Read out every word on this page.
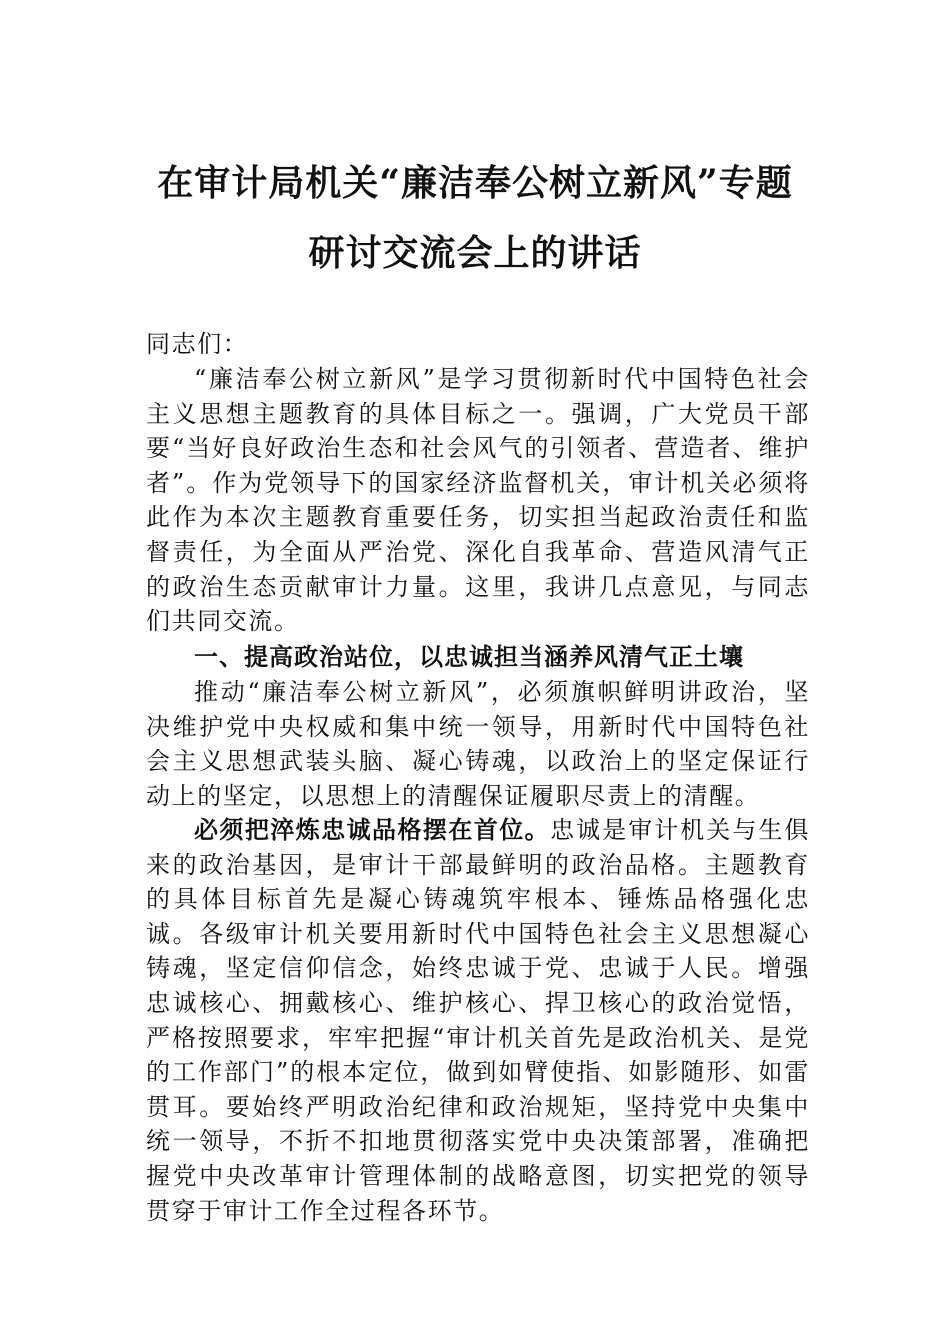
在审计局机关“廉洁奉公树立新风”专题
研讨交流会上的讲话
同志们：
“廉洁奉公树立新风”是学习贯彻新时代中国特色社会主义思想主题教育的具体目标之一。强调，广大党员干部要“当好良好政治生态和社会风气的引领者、营造者、维护者”。作为党领导下的国家经济监督机关，审计机关必须将此作为本次主题教育重要任务，切实担当起政治责任和监督责任，为全面从严治党、深化自我革命、营造风清气正的政治生态贡献审计力量。这里，我讲几点意见，与同志们共同交流。
一、提高政治站位，以忠诚担当涵养风清气正土壤
推动“廉洁奉公树立新风”，必须旗帜鲜明讲政治，坚决维护党中央权威和集中统一领导，用新时代中国特色社会主义思想武装头脑、凝心铸魂，以政治上的坚定保证行动上的坚定，以思想上的清醒保证履职尽责上的清醒。
必须把淬炼忠诚品格摆在首位。忠诚是审计机关与生俱来的政治基因，是审计干部最鲜明的政治品格。主题教育的具体目标首先是凝心铸魂筑牢根本、锤炼品格强化忠诚。各级审计机关要用新时代中国特色社会主义思想凝心铸魂，坚定信仰信念，始终忠诚于党、忠诚于人民。增强忠诚核心、拥戴核心、维护核心、捍卫核心的政治觉悟，严格按照要求，牢牢把握“审计机关首先是政治机关、是党的工作部门”的根本定位，做到如臂使指、如影随形、如雷贯耳。要始终严明政治纪律和政治规矩，坚持党中央集中统一领导，不折不扣地贯彻落实党中央决策部署，准确把握党中央改革审计管理体制的战略意图，切实把党的领导贯穿于审计工作全过程各环节。
